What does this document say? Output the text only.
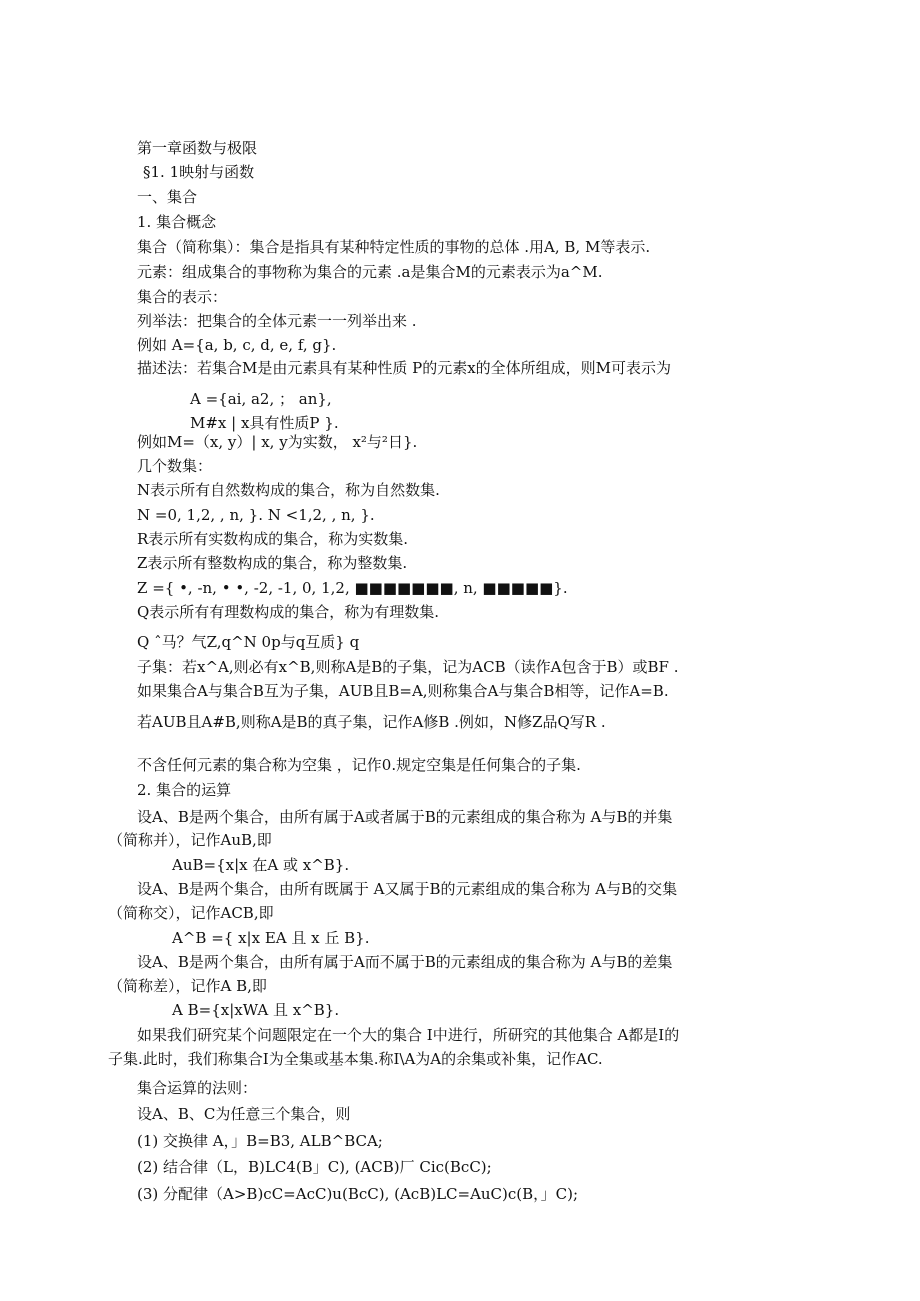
第一章函数与极限
§1. 1映射与函数
一、集合
1. 集合概念
集合（简称集）：集合是指具有某种特定性质的事物的总体 .用A, B, M等表示.
元素：组成集合的事物称为集合的元素 .a是集合M的元素表示为a^M.
集合的表示：
列举法：把集合的全体元素一一列举出来 .
例如 A={a, b, c, d, e, f, g}.
描述法：若集合M是由元素具有某种性质 P的元素x的全体所组成，则M可表示为
A ={ai, a2, ； an},
M#x | x具有性质P }.
例如M=（x, y）| x, y为实数， x²与²日}.
几个数集：
N表示所有自然数构成的集合，称为自然数集.
N =0, 1,2, , n, }. N <1,2, , n, }.
R表示所有实数构成的集合，称为实数集.
Z表示所有整数构成的集合，称为整数集.
Z ={ •, -n, • •, -2, -1, 0, 1,2, ■■■■■■■, n, ■■■■■}.
Q表示所有有理数构成的集合，称为有理数集.
Q ˆ马？气Z,q^N 0p与q互质} q
子集：若x^A,则必有x^B,则称A是B的子集，记为ACB（读作A包含于B）或BF .
如果集合A与集合B互为子集，AUB且B=A,则称集合A与集合B相等，记作A=B.
若AUB且A#B,则称A是B的真子集，记作A修B .例如，N修Z品Q写R .
不含任何元素的集合称为空集 ，记作0.规定空集是任何集合的子集.
2. 集合的运算
设A、B是两个集合，由所有属于A或者属于B的元素组成的集合称为 A与B的并集
（简称并），记作AuB,即
AuB={x|x 在A 或 x^B}.
设A、B是两个集合，由所有既属于 A又属于B的元素组成的集合称为 A与B的交集
（简称交），记作ACB,即
A^B ={ x|x EA 且 x 丘 B}.
设A、B是两个集合，由所有属于A而不属于B的元素组成的集合称为 A与B的差集
（简称差），记作A B,即
A B={x|xWA 且 x^B}.
如果我们研究某个问题限定在一个大的集合 I中进行，所研究的其他集合 A都是I的
子集.此时，我们称集合I为全集或基本集.称I\A为A的余集或补集，记作AC.
集合运算的法则：
设A、B、C为任意三个集合，则
(1) 交换律 A，」B=B3, ALB^BCA;
(2) 结合律（L，B)LC4(B」C), (ACB)厂 Cic(BcC);
(3) 分配律（A>B)cC=AcC)u(BcC), (AcB)LC=AuC)c(B，」C);
